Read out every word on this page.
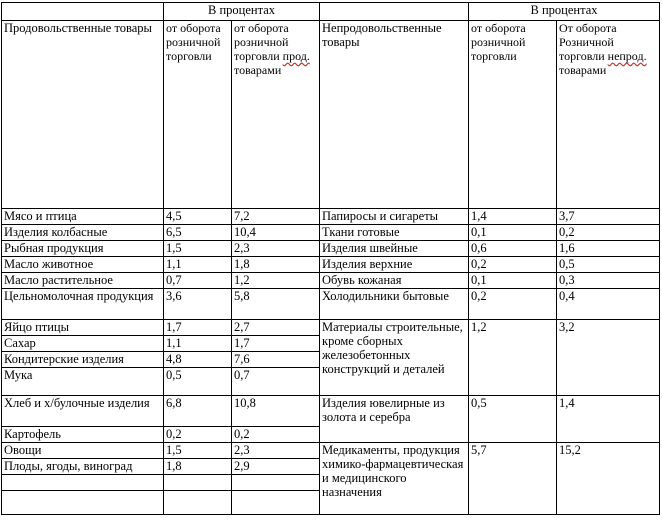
	В процентах			В процентах	
Продовольственные товары	от оборота розничной торговли	от оборота розничной торговли прод. товарами	Непродовольственные товары	от оборота розничной торговли	От оборота Розничной торговли непрод. товарами
Мясо и птица	4,5	7,2	Папиросы и сигареты	1,4	3,7
Изделия колбасные	6,5	10,4	Ткани готовые	0,1	0,2
Рыбная продукция	1,5	2,3	Изделия швейные	0,6	1,6
Масло животное	1,1	1,8	Изделия верхние	0,2	0,5
Масло растительное	0,7	1,2	Обувь кожаная	0,1	0,3
Цельномолочная продукция	3,6	5,8	Холодильники бытовые	0,2	0,4
Яйцо птицы	1,7	2,7	Материалы строительные, кроме сборных железобетонных конструкций и деталей	1,2	3,2
Сахар	1,1	1,7			
Кондитерские изделия	4,8	7,6			
Мука	0,5	0,7			
Хлеб и х/булочные изделия	6,8	10,8	Изделия ювелирные из золота и серебра	0,5	1,4
Картофель	0,2	0,2			
Овощи	1,5	2,3	Медикаменты, продукция химико-фармацевтическая и медицинского назначения	5,7	15,2
Плоды, ягоды, виноград	1,8	2,9			
